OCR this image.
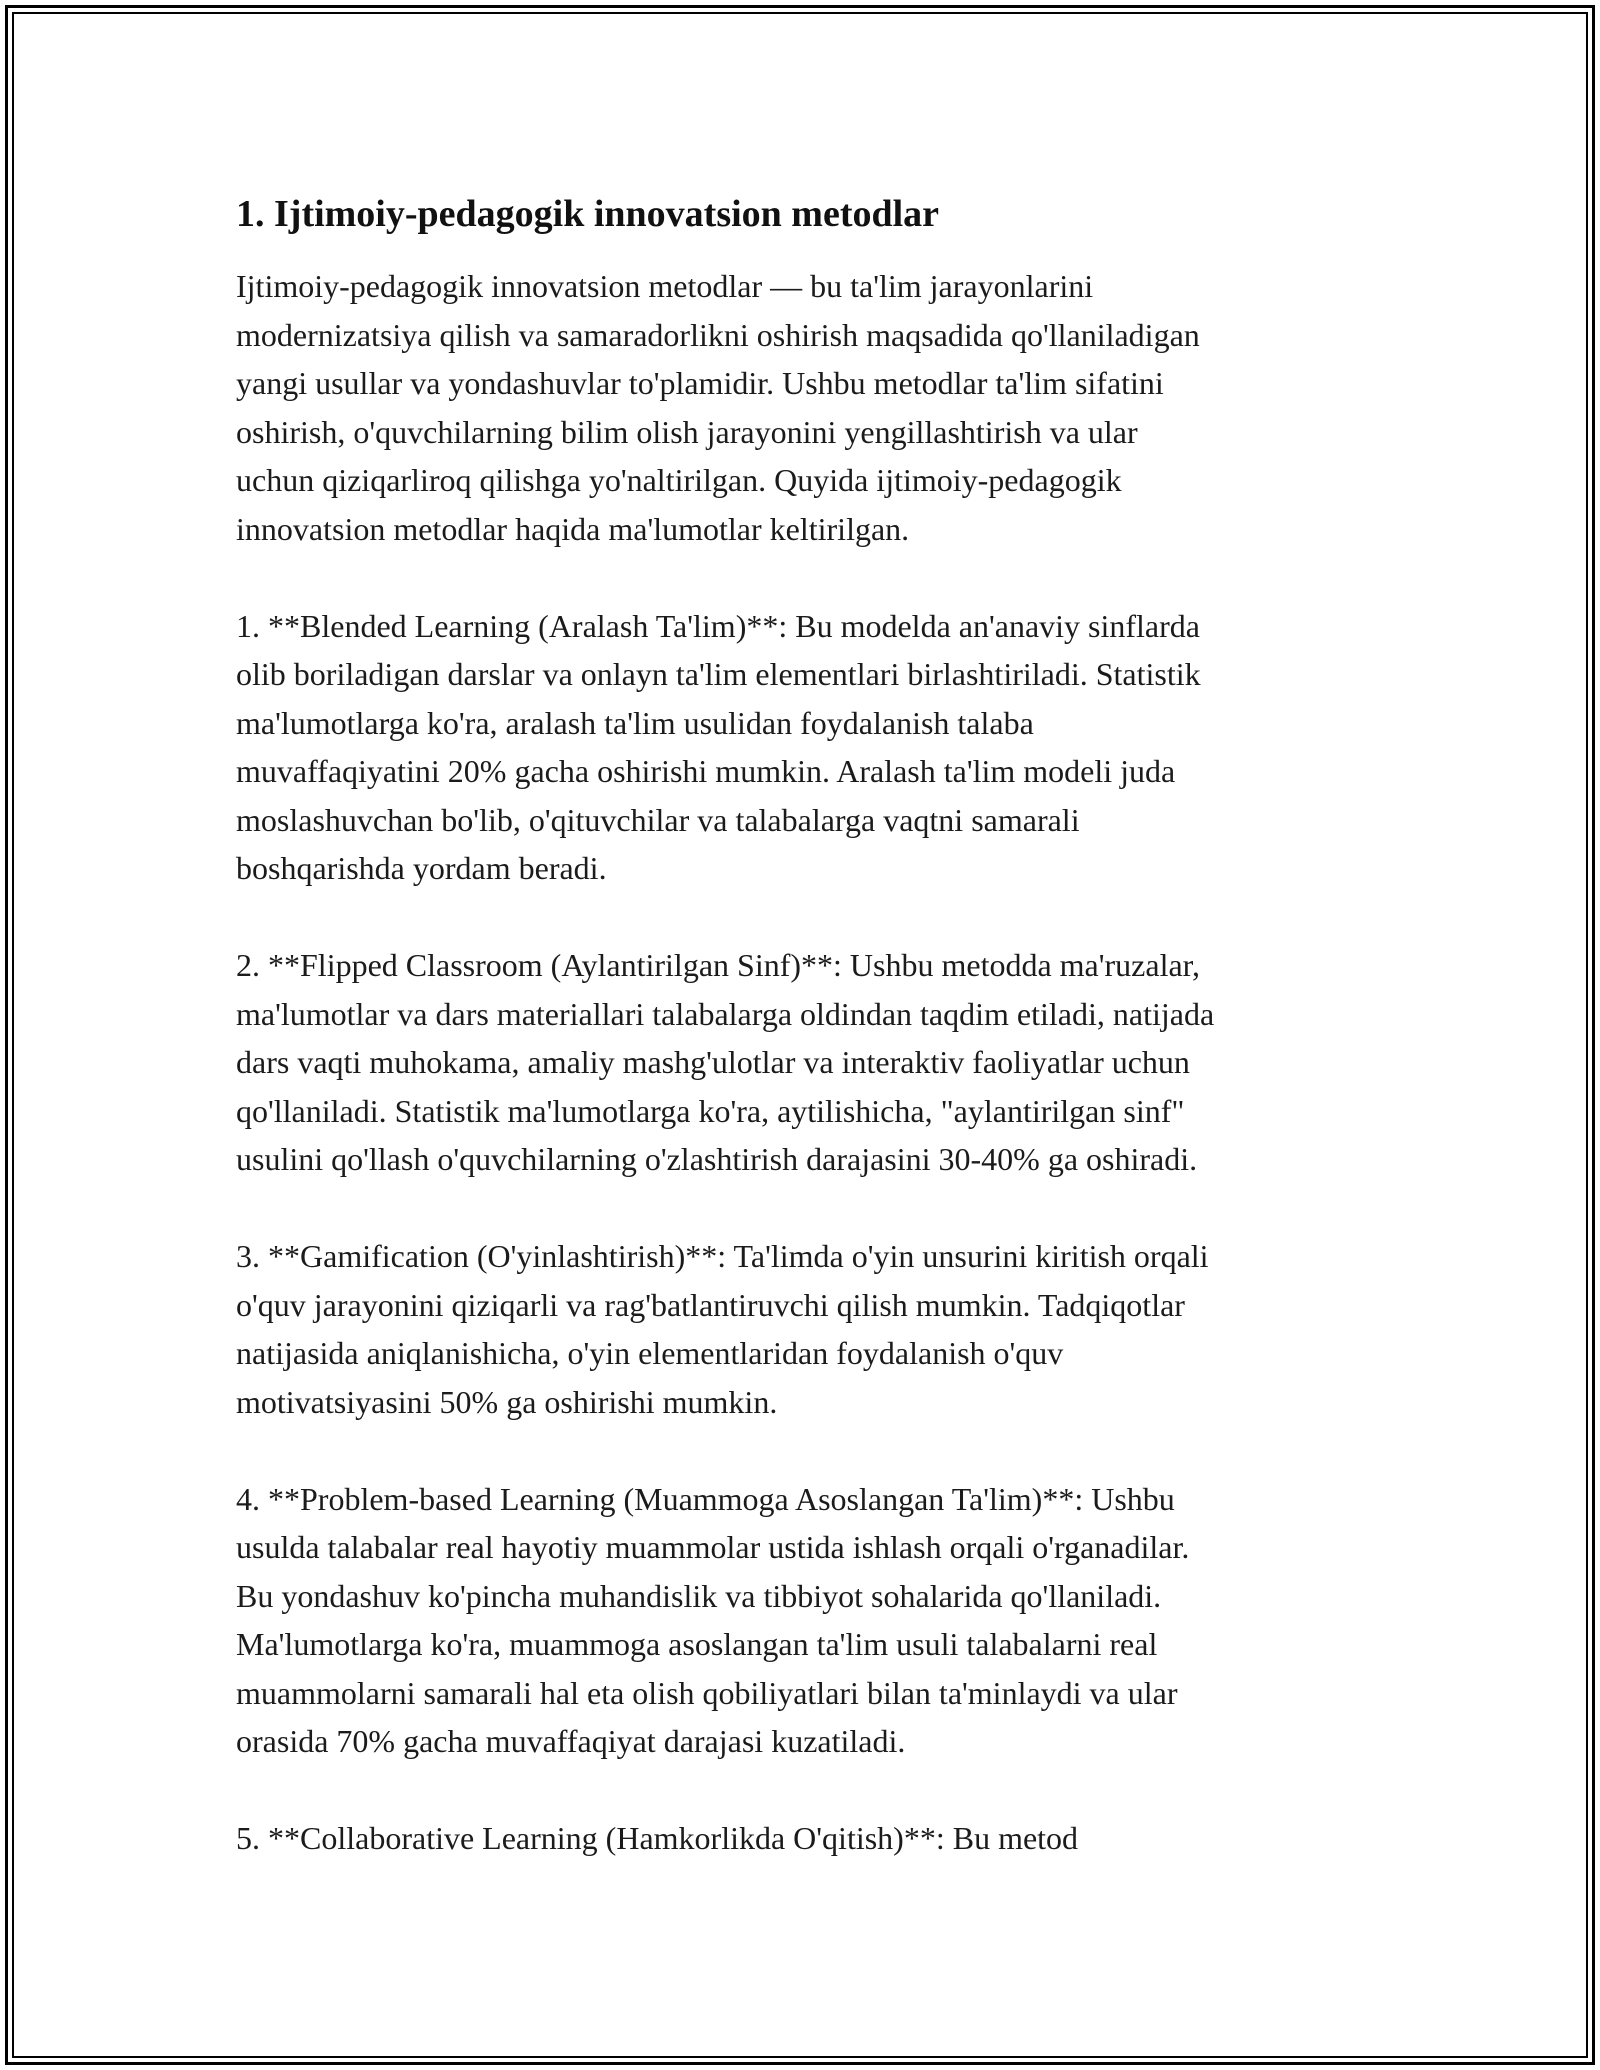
1. Ijtimoiy-pedagogik innovatsion metodlar

Ijtimoiy-pedagogik innovatsion metodlar — bu ta'lim jarayonlarini
modernizatsiya qilish va samaradorlikni oshirish maqsadida qo'llaniladigan
yangi usullar va yondashuvlar to'plamidir. Ushbu metodlar ta'lim sifatini
oshirish, o'quvchilarning bilim olish jarayonini yengillashtirish va ular
uchun qiziqarliroq qilishga yo'naltirilgan. Quyida ijtimoiy-pedagogik
innovatsion metodlar haqida ma'lumotlar keltirilgan.

1. **Blended Learning (Aralash Ta'lim)**: Bu modelda an'anaviy sinflarda
olib boriladigan darslar va onlayn ta'lim elementlari birlashtiriladi. Statistik
ma'lumotlarga ko'ra, aralash ta'lim usulidan foydalanish talaba
muvaffaqiyatini 20% gacha oshirishi mumkin. Aralash ta'lim modeli juda
moslashuvchan bo'lib, o'qituvchilar va talabalarga vaqtni samarali
boshqarishda yordam beradi.

2. **Flipped Classroom (Aylantirilgan Sinf)**: Ushbu metodda ma'ruzalar,
ma'lumotlar va dars materiallari talabalarga oldindan taqdim etiladi, natijada
dars vaqti muhokama, amaliy mashg'ulotlar va interaktiv faoliyatlar uchun
qo'llaniladi. Statistik ma'lumotlarga ko'ra, aytilishicha, "aylantirilgan sinf"
usulini qo'llash o'quvchilarning o'zlashtirish darajasini 30-40% ga oshiradi.

3. **Gamification (O'yinlashtirish)**: Ta'limda o'yin unsurini kiritish orqali
o'quv jarayonini qiziqarli va rag'batlantiruvchi qilish mumkin. Tadqiqotlar
natijasida aniqlanishicha, o'yin elementlaridan foydalanish o'quv
motivatsiyasini 50% ga oshirishi mumkin.

4. **Problem-based Learning (Muammoga Asoslangan Ta'lim)**: Ushbu
usulda talabalar real hayotiy muammolar ustida ishlash orqali o'rganadilar.
Bu yondashuv ko'pincha muhandislik va tibbiyot sohalarida qo'llaniladi.
Ma'lumotlarga ko'ra, muammoga asoslangan ta'lim usuli talabalarni real
muammolarni samarali hal eta olish qobiliyatlari bilan ta'minlaydi va ular
orasida 70% gacha muvaffaqiyat darajasi kuzatiladi.

5. **Collaborative Learning (Hamkorlikda O'qitish)**: Bu metod
